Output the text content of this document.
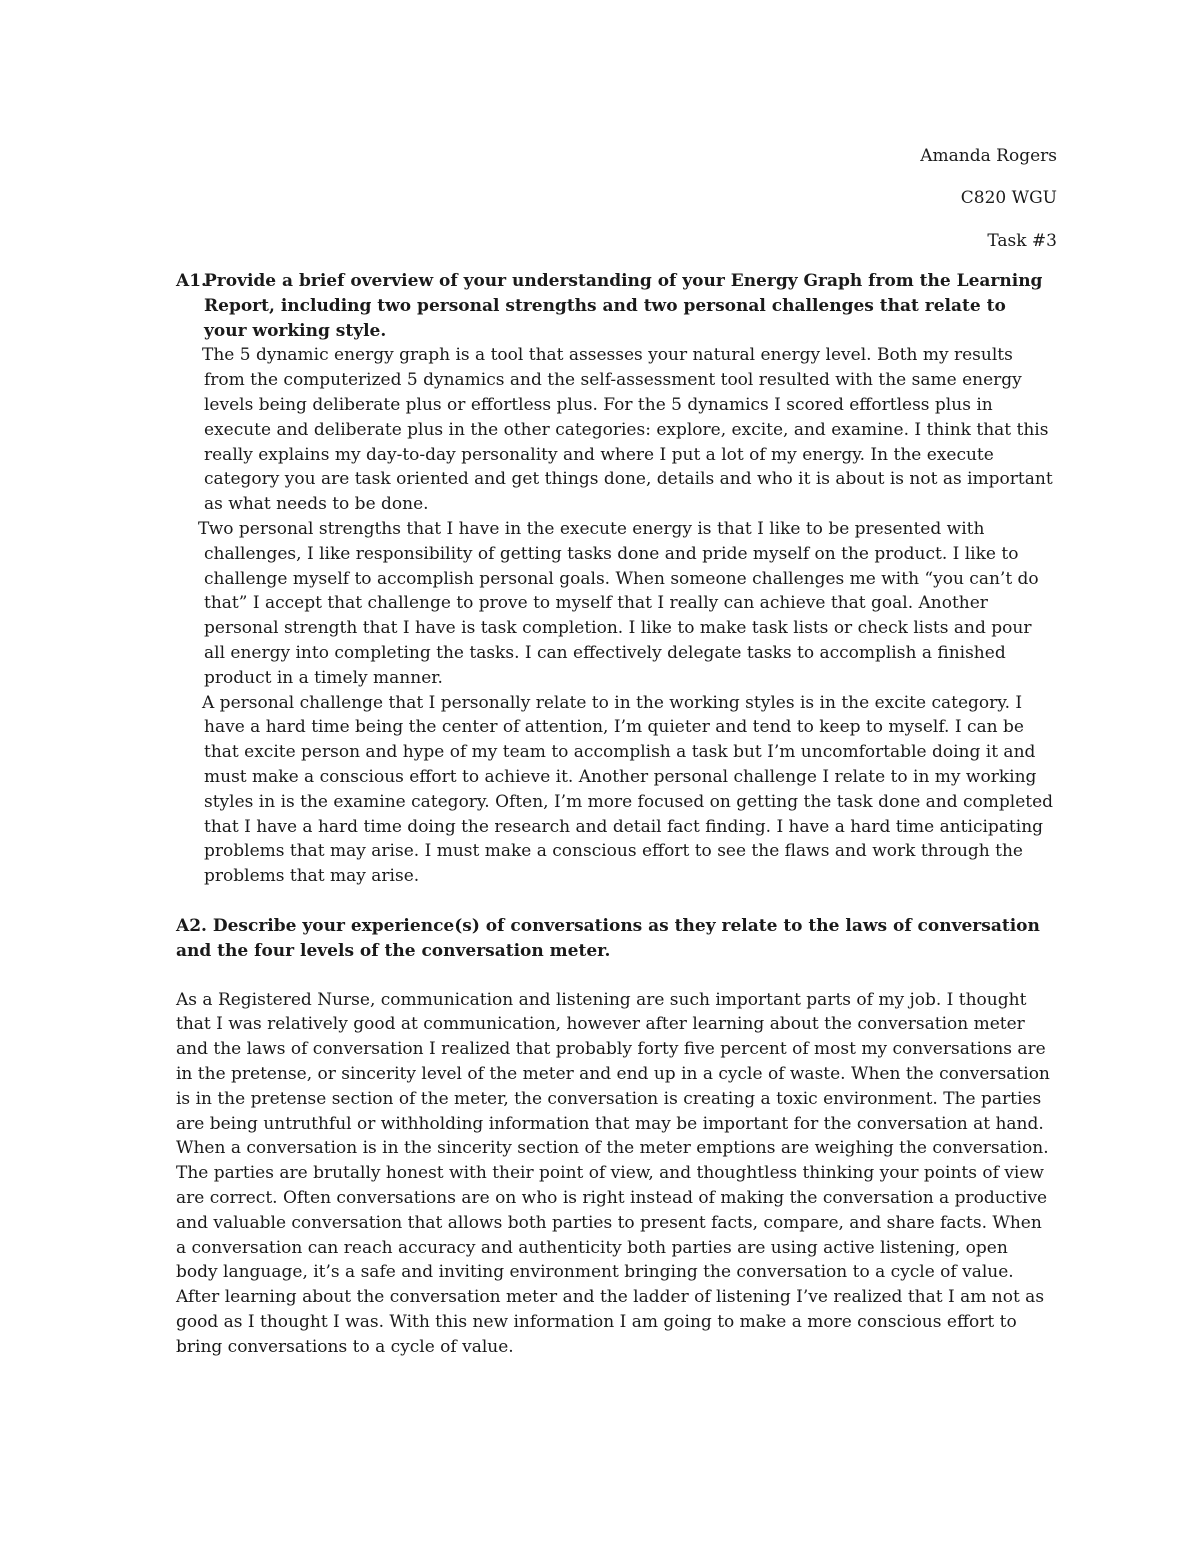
Amanda Rogers
C820 WGU
Task #3

A1.Provide a brief overview of your understanding of your Energy Graph from the Learning Report, including two personal strengths and two personal challenges that relate to your working style.

The 5 dynamic energy graph is a tool that assesses your natural energy level. Both my results from the computerized 5 dynamics and the self-assessment tool resulted with the same energy levels being deliberate plus or effortless plus. For the 5 dynamics I scored effortless plus in execute and deliberate plus in the other categories: explore, excite, and examine. I think that this really explains my day-to-day personality and where I put a lot of my energy. In the execute category you are task oriented and get things done, details and who it is about is not as important as what needs to be done.

Two personal strengths that I have in the execute energy is that I like to be presented with challenges, I like responsibility of getting tasks done and pride myself on the product. I like to challenge myself to accomplish personal goals. When someone challenges me with “you can’t do that” I accept that challenge to prove to myself that I really can achieve that goal. Another personal strength that I have is task completion. I like to make task lists or check lists and pour all energy into completing the tasks. I can effectively delegate tasks to accomplish a finished product in a timely manner.

A personal challenge that I personally relate to in the working styles is in the excite category. I have a hard time being the center of attention, I’m quieter and tend to keep to myself. I can be that excite person and hype of my team to accomplish a task but I’m uncomfortable doing it and must make a conscious effort to achieve it. Another personal challenge I relate to in my working styles in is the examine category. Often, I’m more focused on getting the task done and completed that I have a hard time doing the research and detail fact finding. I have a hard time anticipating problems that may arise. I must make a conscious effort to see the flaws and work through the problems that may arise.

A2. Describe your experience(s) of conversations as they relate to the laws of conversation and the four levels of the conversation meter.

As a Registered Nurse, communication and listening are such important parts of my job. I thought that I was relatively good at communication, however after learning about the conversation meter and the laws of conversation I realized that probably forty five percent of most my conversations are in the pretense, or sincerity level of the meter and end up in a cycle of waste. When the conversation is in the pretense section of the meter, the conversation is creating a toxic environment. The parties are being untruthful or withholding information that may be important for the conversation at hand. When a conversation is in the sincerity section of the meter emptions are weighing the conversation. The parties are brutally honest with their point of view, and thoughtless thinking your points of view are correct. Often conversations are on who is right instead of making the conversation a productive and valuable conversation that allows both parties to present facts, compare, and share facts. When a conversation can reach accuracy and authenticity both parties are using active listening, open body language, it’s a safe and inviting environment bringing the conversation to a cycle of value.

After learning about the conversation meter and the ladder of listening I’ve realized that I am not as good as I thought I was. With this new information I am going to make a more conscious effort to bring conversations to a cycle of value.
